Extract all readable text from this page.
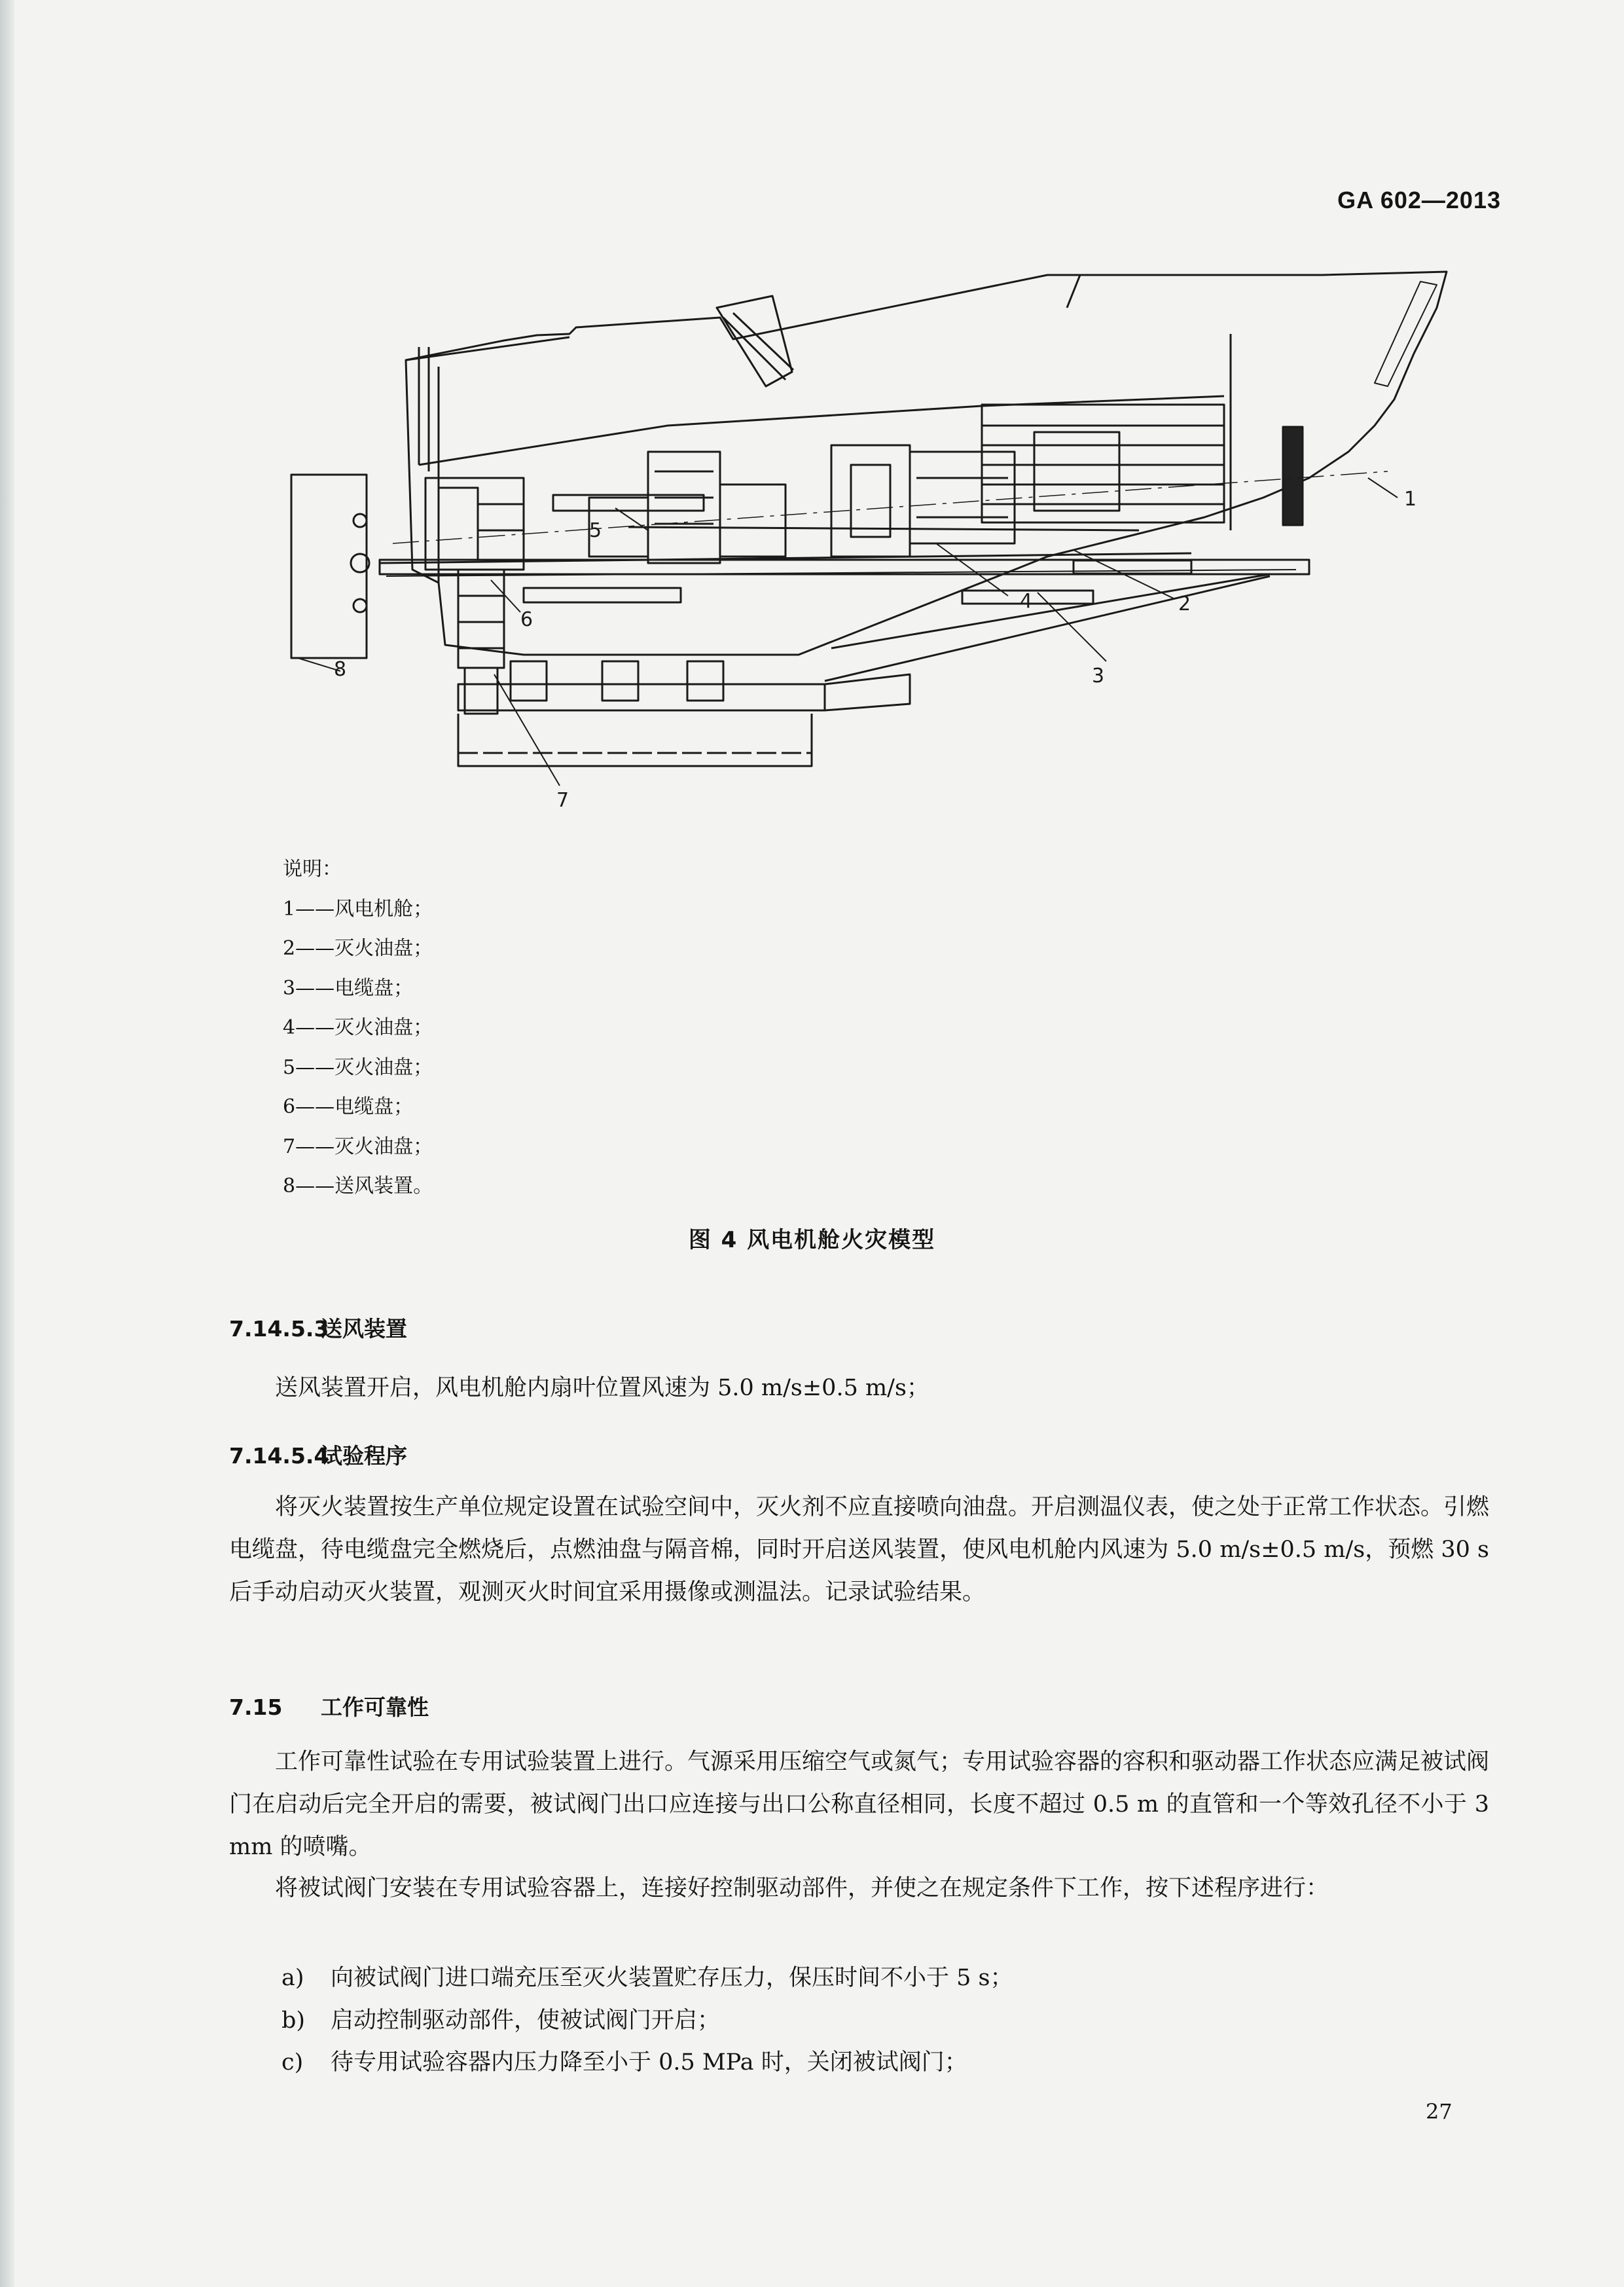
GA 602—2013
1
2
3
4
5
6
7
8
说明：
1——风电机舱；
2——灭火油盘；
3——电缆盘；
4——灭火油盘；
5——灭火油盘；
6——电缆盘；
7——灭火油盘；
8——送风装置。
图 4 风电机舱火灾模型
7.14.5.3送风装置
送风装置开启，风电机舱内扇叶位置风速为 5.0 m/s±0.5 m/s；
7.14.5.4试验程序
将灭火装置按生产单位规定设置在试验空间中，灭火剂不应直接喷向油盘。开启测温仪表，使之处于正常工作状态。引燃电缆盘，待电缆盘完全燃烧后，点燃油盘与隔音棉，同时开启送风装置，使风电机舱内风速为 5.0 m/s±0.5 m/s，预燃 30 s 后手动启动灭火装置，观测灭火时间宜采用摄像或测温法。记录试验结果。
7.15 工作可靠性
工作可靠性试验在专用试验装置上进行。气源采用压缩空气或氮气；专用试验容器的容积和驱动器工作状态应满足被试阀门在启动后完全开启的需要，被试阀门出口应连接与出口公称直径相同，长度不超过 0.5 m 的直管和一个等效孔径不小于 3 mm 的喷嘴。
将被试阀门安装在专用试验容器上，连接好控制驱动部件，并使之在规定条件下工作，按下述程序进行：
a) 向被试阀门进口端充压至灭火装置贮存压力，保压时间不小于 5 s；
b) 启动控制驱动部件，使被试阀门开启；
c) 待专用试验容器内压力降至小于 0.5 MPa 时，关闭被试阀门；
27
